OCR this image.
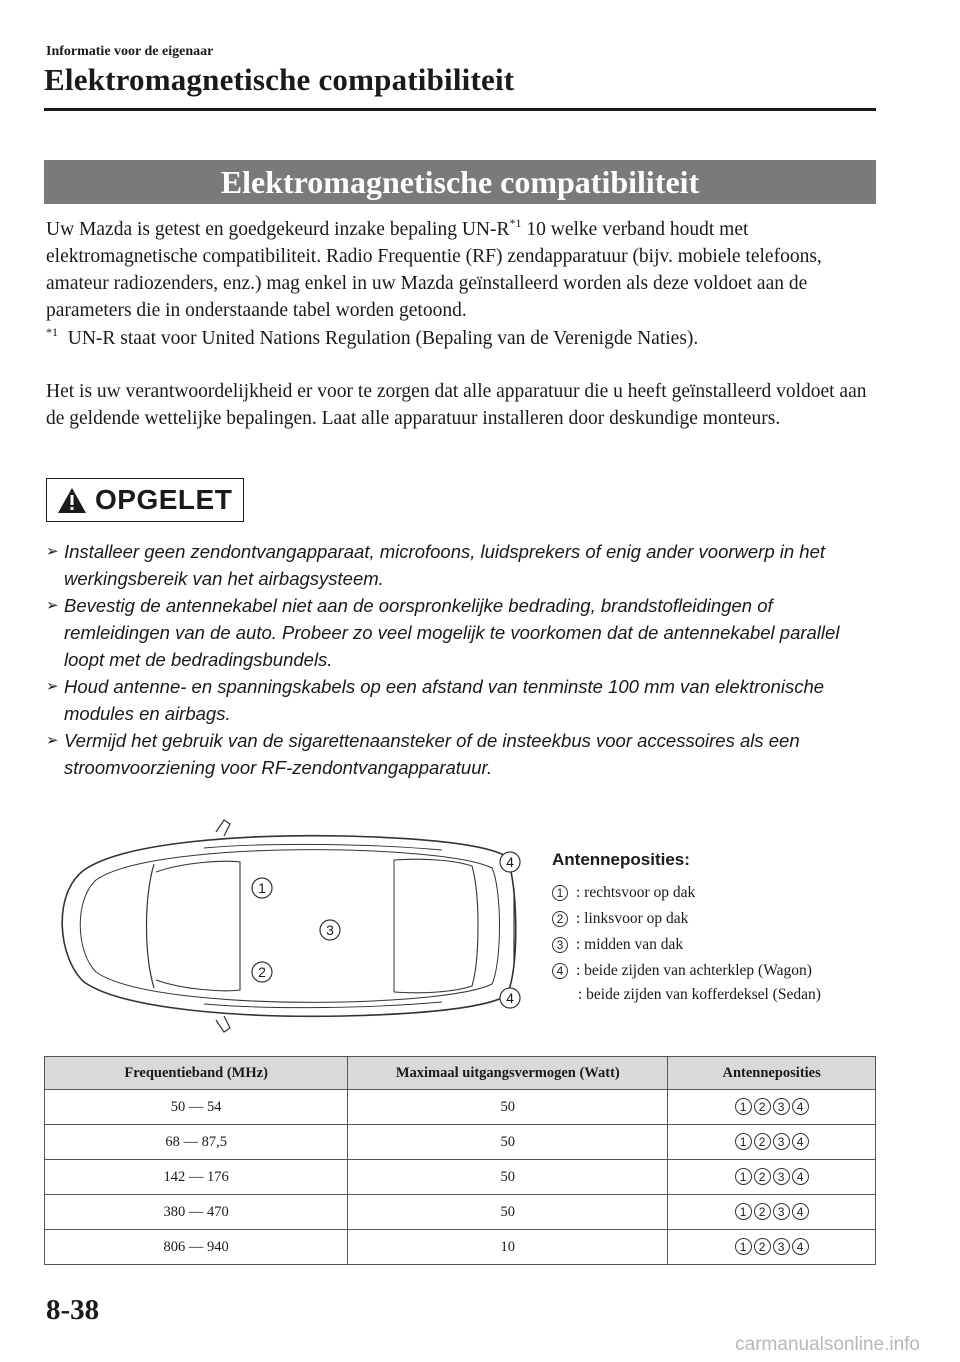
Informatie voor de eigenaar
Elektromagnetische compatibiliteit
Elektromagnetische compatibiliteit

Uw Mazda is getest en goedgekeurd inzake bepaling $UN-R^{*1}$ 10 welke verband houdt met elektromagnetische compatibiliteit. Radio Frequentie (RF) zendapparatuur (bijv. mobiele telefoons, amateur radiozenders, enz.) mag enkel in uw Mazda geïnstalleerd worden als deze voldoet aan de parameters die in onderstaande tabel worden getoond.

$^{*1}$ UN-R staat voor United Nations Regulation (Bepaling van de Verenigde Naties).

Het is uw verantwoordelijkheid er voor te zorgen dat alle apparatuur die u heeft geïnstalleerd voldoet aan de geldende wettelijke bepalingen. Laat alle apparatuur installeren door deskundige monteurs.

OPGELET
➢ Installeer geen zendontvangapparaat, microfoons, luidsprekers of enig ander voorwerp in het werkingsbereik van het airbagsysteem.
➢ Bevestig de antennekabel niet aan de oorspronkelijke bedrading, brandstofleidingen of remleidingen van de auto. Probeer zo veel mogelijk te voorkomen dat de antennekabel parallel loopt met de bedradingsbundels.
➢ Houd antenne- en spanningskabels op een afstand van tenminste 100 mm van elektronische modules en airbags.
➢ Vermijd het gebruik van de sigarettenaansteker of de insteekbus voor accessoires als een stroomvoorziening voor RF-zendontvangapparatuur.
1
2
3
4
4
Antenneposities:
1 : rechtsvoor op dak
2 : linksvoor op dak
3 : midden van dak
4 : beide zijden van achterklep (Wagon)
: beide zijden van kofferdeksel (Sedan)
Frequentieband (MHz)	Maximaal uitgangsvermogen (Watt)	Antenneposities
50 — 54	50	1 2 3 4

68 — 87,5	50	1 2 3 4

142 — 176	50	1 2 3 4

380 — 470	50	1 2 3 4

806 — 940	10	1 2 3 4
8-38
carmanualsonline.info
